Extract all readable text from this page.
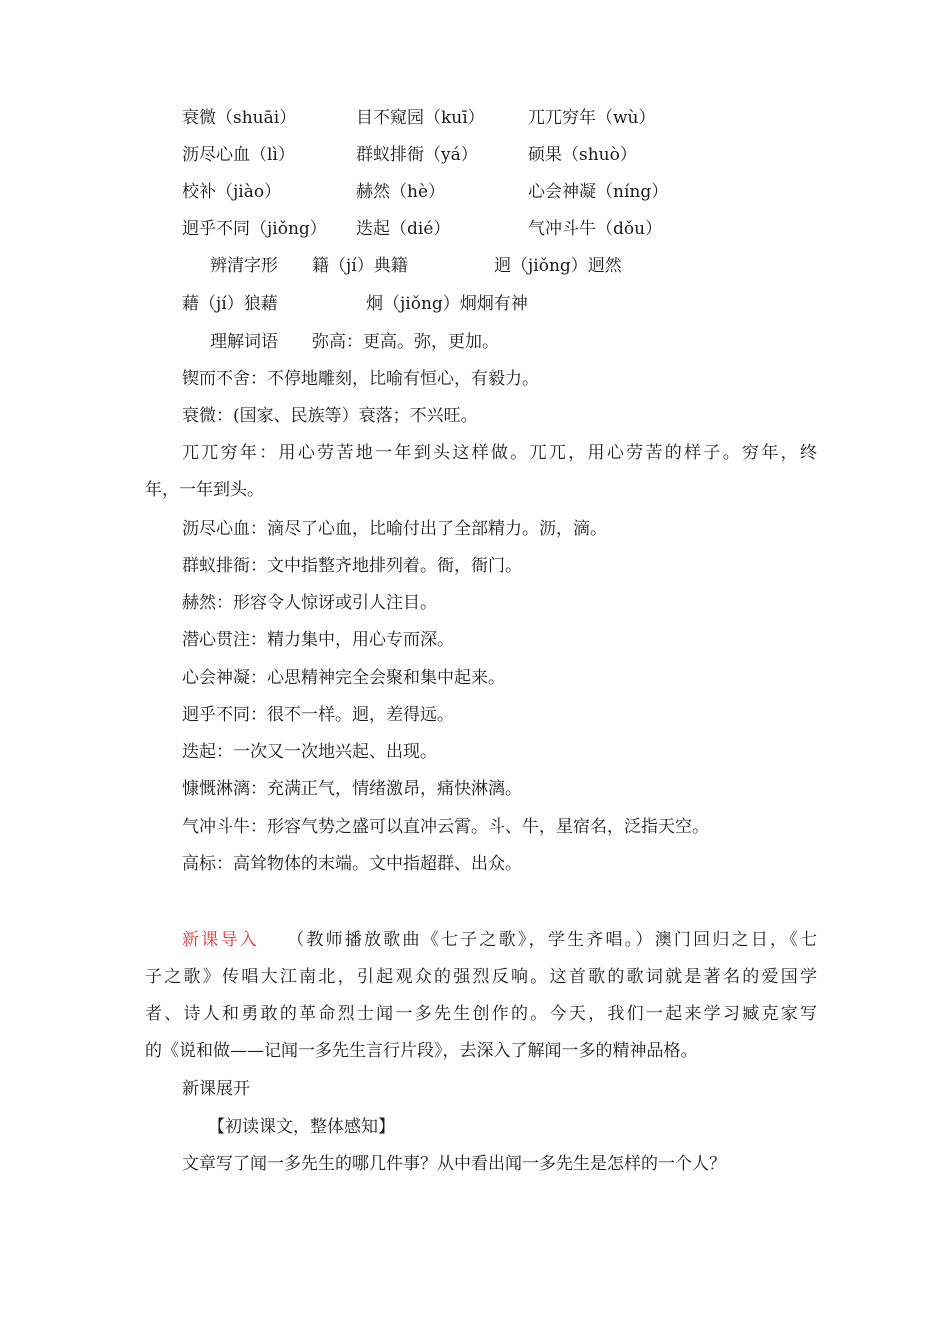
衰微（shuāi）	目不窥园（kuī）	兀兀穷年（wù）
沥尽心血（lì）	群蚁排衙（yá）	硕果（shuò）
校补（jiào）	赫然（hè）	心会神凝（níng）
迥乎不同（jiǒng） 迭起（dié）	气冲斗牛（dǒu）
辨清字形 籍（jí）典籍	迥（jiǒng）迥然
藉（jí）狼藉	炯（jiǒng）炯炯有神
理解词语 弥高：更高。弥，更加。
锲而不舍：不停地雕刻，比喻有恒心，有毅力。
衰微：(国家、民族等）衰落；不兴旺。

兀兀穷年：用心劳苦地一年到头这样做。兀兀，用心劳苦的样子。穷年，终

年，一年到头。

沥尽心血：滴尽了心血，比喻付出了全部精力。沥，滴。
群蚁排衙：文中指整齐地排列着。衙，衙门。
赫然：形容令人惊讶或引人注目。
潜心贯注：精力集中，用心专而深。
心会神凝：心思精神完全会聚和集中起来。
迥乎不同：很不一样。迥，差得远。
迭起：一次又一次地兴起、出现。
慷慨淋漓：充满正气，情绪激昂，痛快淋漓。
气冲斗牛：形容气势之盛可以直冲云霄。斗、牛，星宿名，泛指天空。
高标：高耸物体的末端。文中指超群、出众。

新课导入 （教师播放歌曲《七子之歌》，学生齐唱。）澳门回归之日，《七

子之歌》传唱大江南北，引起观众的强烈反响。这首歌的歌词就是著名的爱国学

者、诗人和勇敢的革命烈士闻一多先生创作的。今天，我们一起来学习臧克家写

的《说和做——记闻一多先生言行片段》，去深入了解闻一多的精神品格。

新课展开
【初读课文，整体感知】
文章写了闻一多先生的哪几件事？从中看出闻一多先生是怎样的一个人？
